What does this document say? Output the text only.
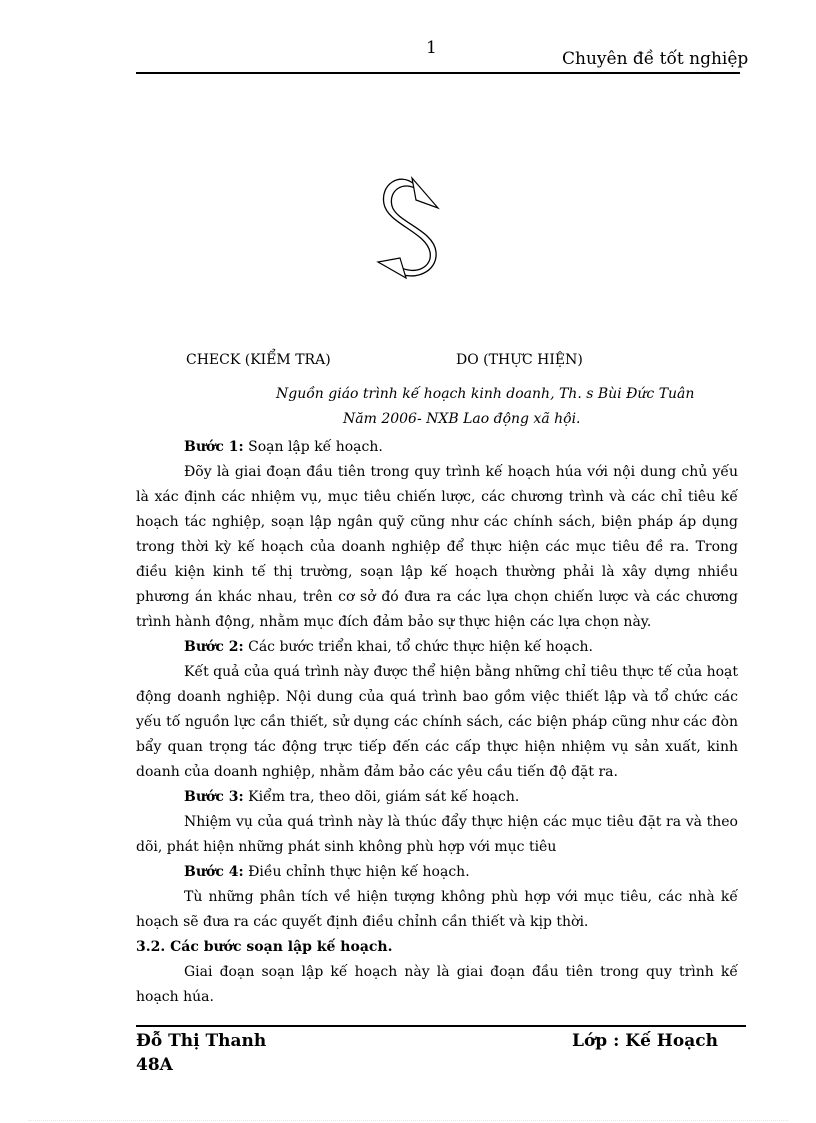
1
Chuyên đề tốt nghiệp
CHECK (KIỂM TRA)	DO (THỰC HIỆN)
Nguồn giáo trình kế hoạch kinh doanh, Th. s Bùi Đức Tuân
Năm 2006- NXB Lao động xã hội.

Bước 1: Soạn lập kế hoạch.

Đõy là giai đoạn đầu tiên trong quy trình kế hoạch húa với nội dung chủ yếu là xác định các nhiệm vụ, mục tiêu chiến lược, các chương trình và các chỉ tiêu kế hoạch tác nghiệp, soạn lập ngân quỹ cũng như các chính sách, biện pháp áp dụng trong thời kỳ kế hoạch của doanh nghiệp để thực hiện các mục tiêu đề ra. Trong điều kiện kinh tế thị trường, soạn lập kế hoạch thường phải là xây dựng nhiều phương án khác nhau, trên cơ sở đó đưa ra các lựa chọn chiến lược và các chương trình hành động, nhằm mục đích đảm bảo sự thực hiện các lựa chọn này.

Bước 2: Các bước triển khai, tổ chức thực hiện kế hoạch.

Kết quả của quá trình này được thể hiện bằng những chỉ tiêu thực tế của hoạt động doanh nghiệp. Nội dung của quá trình bao gồm việc thiết lập và tổ chức các yếu tố nguồn lực cần thiết, sử dụng các chính sách, các biện pháp cũng như các đòn bẩy quan trọng tác động trực tiếp đến các cấp thực hiện nhiệm vụ sản xuất, kinh doanh của doanh nghiệp, nhằm đảm bảo các yêu cầu tiến độ đặt ra.

Bước 3: Kiểm tra, theo dõi, giám sát kế hoạch.

Nhiệm vụ của quá trình này là thúc đẩy thực hiện các mục tiêu đặt ra và theo dõi, phát hiện những phát sinh không phù hợp với mục tiêu

Bước 4: Điều chỉnh thực hiện kế hoạch.

Tù những phân tích về hiện tượng không phù hợp với mục tiêu, các nhà kế hoạch sẽ đưa ra các quyết định điều chỉnh cần thiết và kịp thời.

3.2. Các bước soạn lập kế hoạch.

Giai đoạn soạn lập kế hoạch này là giai đoạn đầu tiên trong quy trình kế hoạch húa.

Đỗ Thị Thanh	Lớp : Kế Hoạch
48A
